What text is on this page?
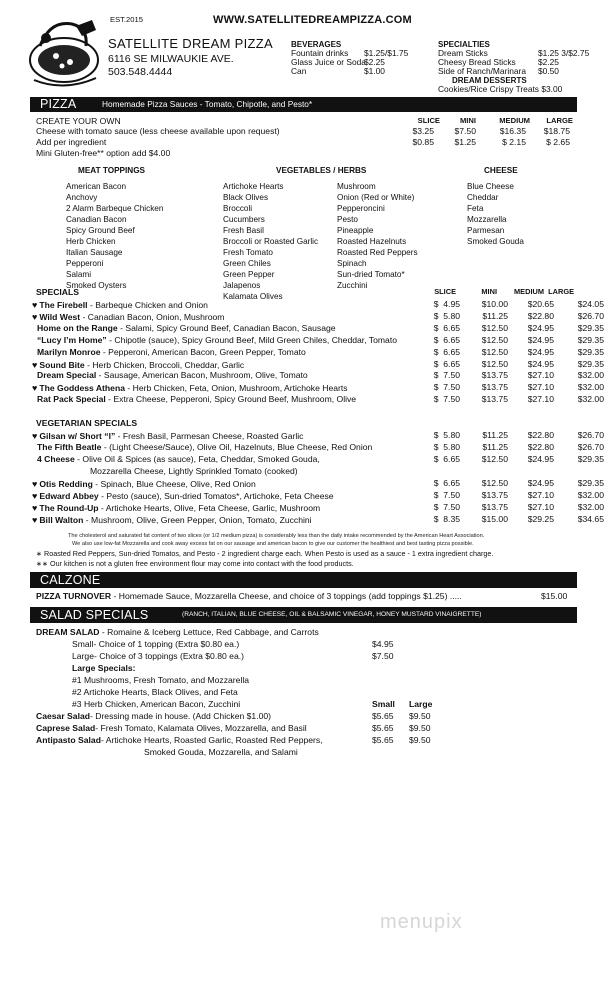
EST.2015	WWW.SATELLITEDREAMPIZZA.COM
SATELLITE DREAM PIZZA
6116 SE MILWAUKIE AVE.
503.548.4444
BEVERAGES
Fountain drinks $1.25/$1.75
Glass Juice or Soda
$2.25
Can	$1.00
SPECIALTIES
Dream Sticks	$1.25 3/$2.75
Cheesy Bread Sticks	$2.25
Side of Ranch/Marinara $0.50
DREAM DESSERTS
Cookies/Rice Crispy Treats $3.00
PIZZA	Homemade Pizza Sauces - Tomato, Chipotle, and Pesto*
CREATE YOUR OWN	SLICE	MINI	MEDIUM	LARGE
Cheese with tomato sauce (less cheese available upon request)	$3.25	$7.50	$16.35	$18.75
Add per ingredient	$0.85	$1.25	$ 2.15	$ 2.65
Mini Gluten-free** option add $4.00
MEAT TOPPINGS	VEGETABLES / HERBS	CHEESE
American Bacon
Anchovy
2 Alarm Barbeque Chicken
Canadian Bacon
Spicy Ground Beef
Herb Chicken
Italian Sausage
Pepperoni
Salami
Smoked Oysters
Artichoke Hearts
Black Olives
Broccoli
Cucumbers
Fresh Basil
Broccoli or Roasted Garlic
Fresh Tomato
Green Chiles
Green Pepper
Jalapenos
Kalamata Olives
Mushroom
Onion (Red or White)
Pepperoncini
Pesto
Pineapple
Roasted Hazelnuts
Roasted Red Peppers
Spinach
Sun-dried Tomato*
Zucchini
Blue Cheese
Cheddar
Feta
Mozzarella
Parmesan
Smoked Gouda
SPECIALS	SLICE	MINI	MEDIUM LARGE
♥ The Firebell - Barbeque Chicken and Onion	$  4.95	$10.00	$20.65	$24.05
♥ Wild West - Canadian Bacon, Onion, Mushroom	$  5.80	$11.25	$22.80	$26.70
Home on the Range - Salami, Spicy Ground Beef, Canadian Bacon, Sausage	$  6.65	$12.50	$24.95	$29.35
“Lucy I’m Home” - Chipotle (sauce), Spicy Ground Beef, Mild Green Chiles, Cheddar, Tomato	$  6.65	$12.50	$24.95	$29.35
Marilyn Monroe - Pepperoni, American Bacon, Green Pepper, Tomato	$  6.65	$12.50	$24.95	$29.35
♥ Sound Bite - Herb Chicken, Broccoli, Cheddar, Garlic	$  6.65	$12.50	$24.95	$29.35
Dream Special - Sausage, American Bacon, Mushroom, Olive, Tomato	$  7.50	$13.75	$27.10	$32.00
♥ The Goddess Athena - Herb Chicken, Feta, Onion, Mushroom, Artichoke Hearts	$  7.50	$13.75	$27.10	$32.00
Rat Pack Special - Extra Cheese, Pepperoni, Spicy Ground Beef, Mushroom, Olive	$  7.50	$13.75	$27.10	$32.00
VEGETARIAN SPECIALS
♥ Gilsan w/ Short “l” - Fresh Basil, Parmesan Cheese, Roasted Garlic	$  5.80	$11.25	$22.80	$26.70
The Fifth Beatle - (Light Cheese/Sauce), Olive Oil, Hazelnuts, Blue Cheese, Red Onion	$  5.80	$11.25	$22.80	$26.70
4 Cheese - Olive Oil & Spices (as sauce), Feta, Cheddar, Smoked Gouda,	$  6.65	$12.50	$24.95	$29.35
Mozzarella Cheese, Lightly Sprinkled Tomato (cooked)
♥ Otis Redding - Spinach, Blue Cheese, Olive, Red Onion	$  6.65	$12.50	$24.95	$29.35
♥ Edward Abbey - Pesto (sauce), Sun-dried Tomatos*, Artichoke, Feta Cheese	$  7.50	$13.75	$27.10	$32.00
♥ The Round-Up - Artichoke Hearts, Olive, Feta Cheese, Garlic, Mushroom	$  7.50	$13.75	$27.10	$32.00
♥ Bill Walton - Mushroom, Olive, Green Pepper, Onion, Tomato, Zucchini	$  8.35	$15.00	$29.25	$34.65
The cholesterol and saturated fat content of two slices (or 1/2 medium pizza) is considerably less than the daily intake recommended by the American Heart Association.
We also use low-fat Mozzarella and cook away excess fat on our sausage and american bacon to give our customer the healthiest and best tasting pizza possible.
∗ Roasted Red Peppers, Sun-dried Tomatos, and Pesto - 2 ingredient charge each. When Pesto is used as a sauce - 1 extra ingredient charge.
∗∗ Our kitchen is not a gluten free environment flour may come into contact with the food products.
CALZONE
PIZZA TURNOVER - Homemade Sauce, Mozzarella Cheese, and choice of 3 toppings (add toppings $1.25) .....	$15.00
SALAD SPECIALS	(RANCH, ITALIAN, BLUE CHEESE, OIL & BALSAMIC VINEGAR, HONEY MUSTARD VINAIGRETTE)
DREAM SALAD - Romaine & Iceberg Lettuce, Red Cabbage, and Carrots
Small- Choice of 1 topping (Extra $0.80 ea.)	$4.95
Large- Choice of 3 toppings (Extra $0.80 ea.)	$7.50
Large Specials:
#1 Mushrooms, Fresh Tomato, and Mozzarella
#2 Artichoke Hearts, Black Olives, and Feta
#3 Herb Chicken, American Bacon, Zucchini	Small Large
Caesar Salad- Dressing made in house. (Add Chicken $1.00)	$5.65 $9.50
Caprese Salad- Fresh Tomato, Kalamata Olives, Mozzarella, and Basil	$5.65 $9.50
Antipasto Salad- Artichoke Hearts, Roasted Garlic, Roasted Red Peppers,	$5.65 $9.50
Smoked Gouda, Mozzarella, and Salami
menupix
